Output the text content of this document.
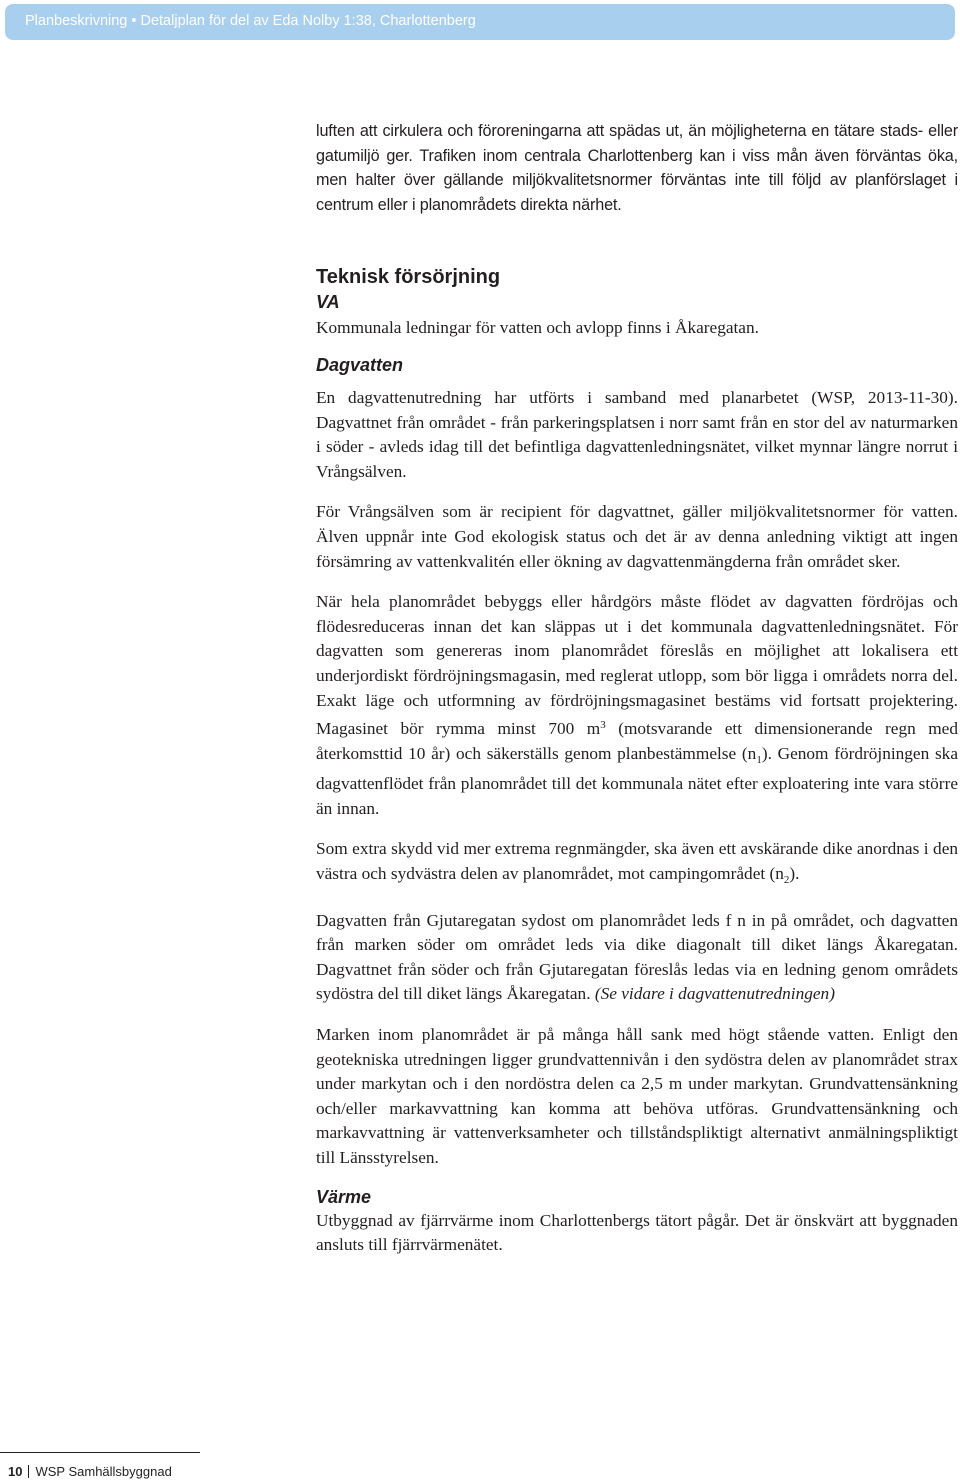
Planbeskrivning • Detaljplan för del av Eda Nolby 1:38, Charlottenberg

luften att cirkulera och föroreningarna att spädas ut, än möjligheterna en tätare stads- eller gatumiljö ger. Trafiken inom centrala Charlottenberg kan i viss mån även förväntas öka, men halter över gällande miljökvalitetsnormer förväntas inte till följd av planförslaget i centrum eller i planområdets direkta närhet.

Teknisk försörjning
VA

Kommunala ledningar för vatten och avlopp finns i Åkaregatan.

Dagvatten

En dagvattenutredning har utförts i samband med planarbetet (WSP, 2013-11-30). Dagvattnet från området - från parkeringsplatsen i norr samt från en stor del av naturmarken i söder - avleds idag till det befintliga dagvattenledningsnätet, vilket mynnar längre norrut i Vrångsälven.

För Vrångsälven som är recipient för dagvattnet, gäller miljökvalitetsnormer för vatten. Älven uppnår inte God ekologisk status och det är av denna anledning viktigt att ingen försämring av vattenkvalitén eller ökning av dagvattenmängderna från området sker.

När hela planområdet bebyggs eller hårdgörs måste flödet av dagvatten fördröjas och flödesreduceras innan det kan släppas ut i det kommunala dagvattenledningsnätet. För dagvatten som genereras inom planområdet föreslås en möjlighet att lokalisera ett underjordiskt fördröjningsmagasin, med reglerat utlopp, som bör ligga i områdets norra del. Exakt läge och utformning av fördröjningsmagasinet bestäms vid fortsatt projektering. Magasinet bör rymma minst 700 $m^3$ (motsvarande ett dimensionerande regn med återkomsttid 10 år) och säkerställs genom planbestämmelse $(n_1)$. Genom fördröjningen ska dagvattenflödet från planområdet till det kommunala nätet efter exploatering inte vara större än innan.

Som extra skydd vid mer extrema regnmängder, ska även ett avskärande dike anordnas i den västra och sydvästra delen av planområdet, mot campingområdet $(n_2)$.

Dagvatten från Gjutaregatan sydost om planområdet leds f n in på området, och dagvatten från marken söder om området leds via dike diagonalt till diket längs Åkaregatan. Dagvattnet från söder och från Gjutaregatan föreslås ledas via en ledning genom områdets sydöstra del till diket längs Åkaregatan. (Se vidare i dagvattenutredningen)

Marken inom planområdet är på många håll sank med högt stående vatten. Enligt den geotekniska utredningen ligger grundvattennivån i den sydöstra delen av planområdet strax under markytan och i den nordöstra delen ca 2,5 m under markytan. Grundvattensänkning och/eller markavvattning kan komma att behöva utföras. Grundvattensänkning och markavvattning är vattenverksamheter och tillståndspliktigt alternativt anmälningspliktigt till Länsstyrelsen.

Värme

Utbyggnad av fjärrvärme inom Charlottenbergs tätort pågår. Det är önskvärt att byggnaden ansluts till fjärrvärmenätet.

10 WSP Samhällsbyggnad
